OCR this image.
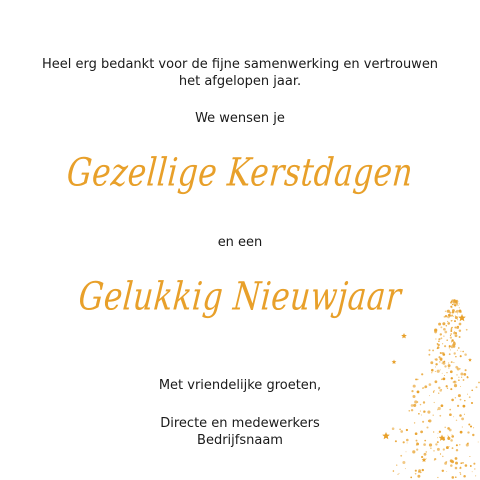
Heel erg bedankt voor de fijne samenwerking en vertrouwen

het afgelopen jaar.

We wensen je

Gezellige Kerstdagen

en een

Gelukkig Nieuwjaar

Met vriendelijke groeten,

Directe en medewerkers

Bedrijfsnaam
